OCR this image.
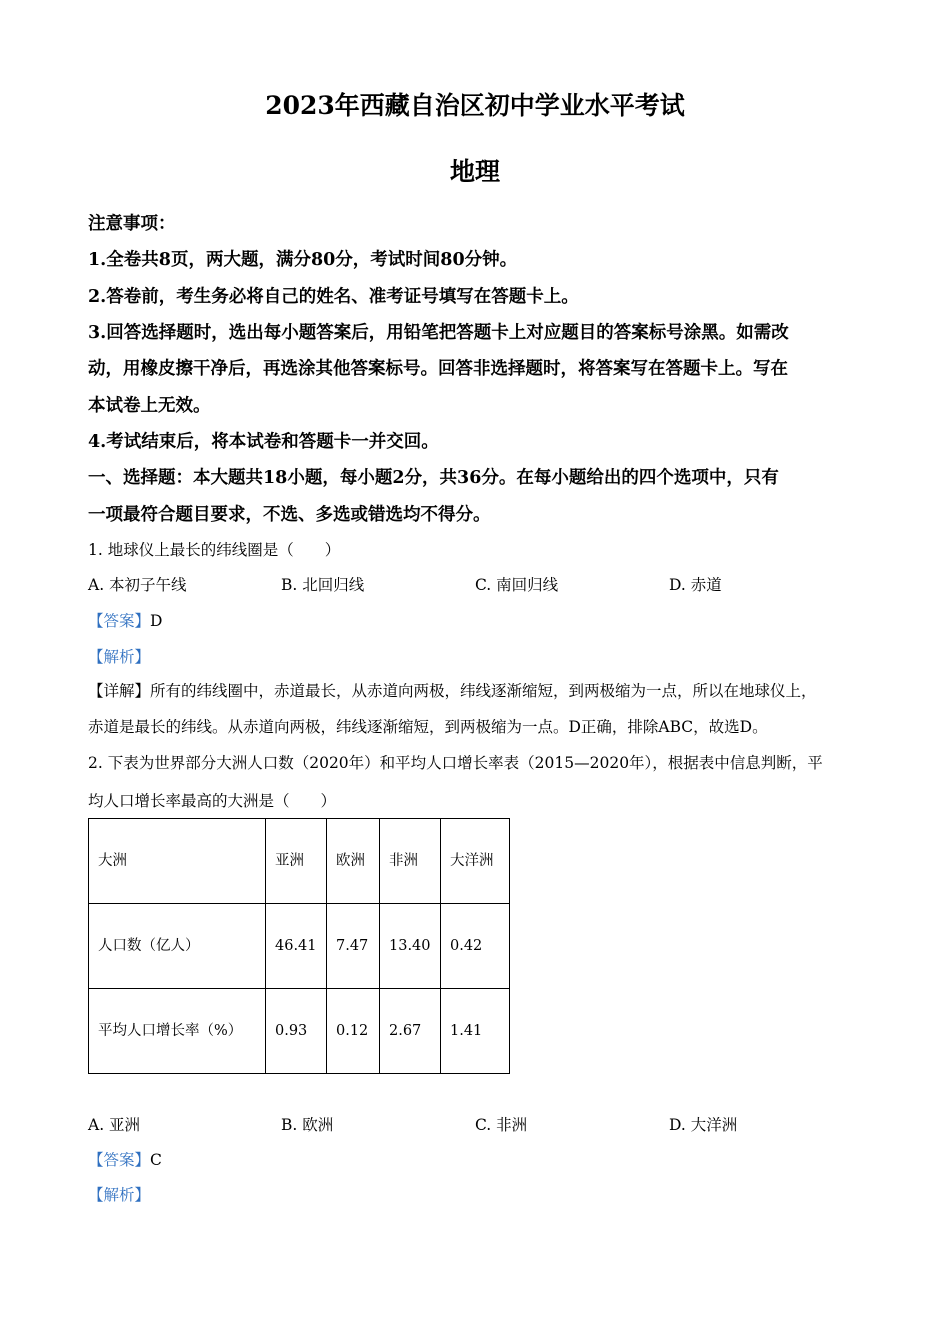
2023年西藏自治区初中学业水平考试
地理
注意事项：
1.全卷共8页，两大题，满分80分，考试时间80分钟。
2.答卷前，考生务必将自己的姓名、准考证号填写在答题卡上。
3.回答选择题时，选出每小题答案后，用铅笔把答题卡上对应题目的答案标号涂黑。如需改
动，用橡皮擦干净后，再选涂其他答案标号。回答非选择题时，将答案写在答题卡上。写在
本试卷上无效。
4.考试结束后，将本试卷和答题卡一并交回。
一、选择题：本大题共18小题，每小题2分，共36分。在每小题给出的四个选项中，只有
一项最符合题目要求，不选、多选或错选均不得分。
1. 地球仪上最长的纬线圈是（　　）
A. 本初子午线	B. 北回归线	C. 南回归线	D. 赤道
【答案】D
【解析】
【详解】所有的纬线圈中，赤道最长，从赤道向两极，纬线逐渐缩短，到两极缩为一点，所以在地球仪上，
赤道是最长的纬线。从赤道向两极，纬线逐渐缩短，到两极缩为一点。D正确，排除ABC，故选D。
2. 下表为世界部分大洲人口数（2020年）和平均人口增长率表（2015—2020年），根据表中信息判断，平
均人口增长率最高的大洲是（　　）
大洲	亚洲	欧洲	非洲	大洋洲
人口数（亿人）	46.41	7.47	13.40	0.42
平均人口增长率（%）	0.93	0.12	2.67	1.41
A. 亚洲	B. 欧洲	C. 非洲	D. 大洋洲
【答案】C
【解析】
